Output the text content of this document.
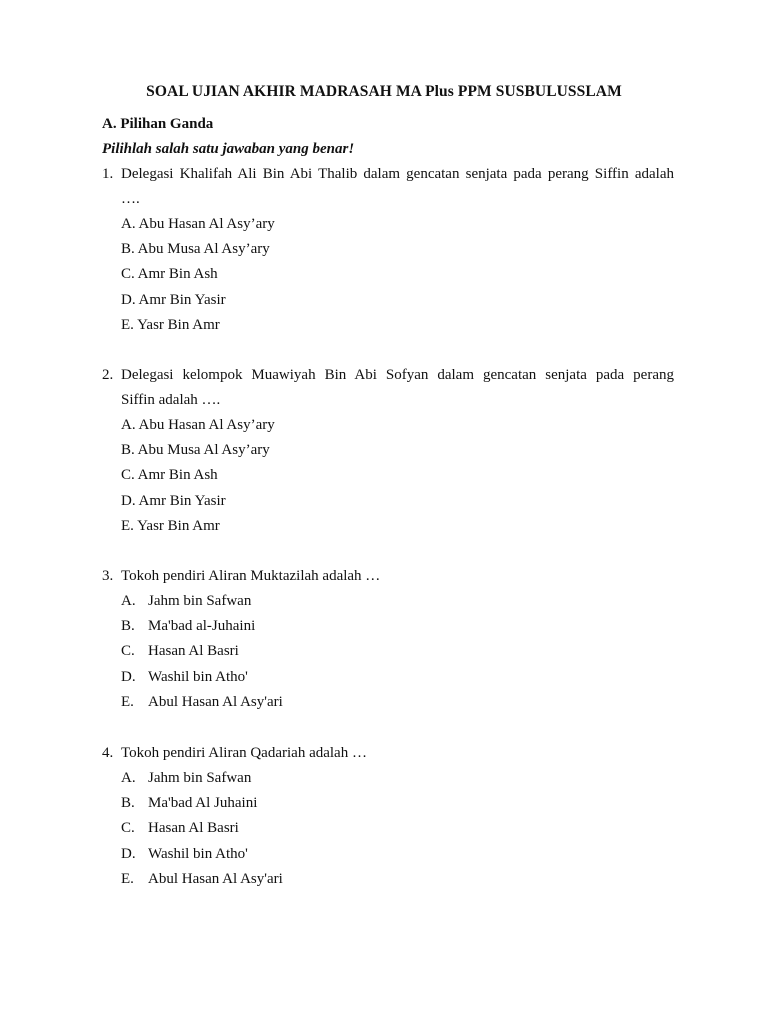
SOAL UJIAN AKHIR MADRASAH MA Plus PPM SUSBULUSSLAM
A. Pilihan Ganda
Pilihlah salah satu jawaban yang benar!
1. Delegasi Khalifah Ali Bin Abi Thalib dalam gencatan senjata pada perang Siffin adalah
….
A. Abu Hasan Al Asy’ary
B. Abu Musa Al Asy’ary
C. Amr Bin Ash
D. Amr Bin Yasir
E. Yasr Bin Amr
2. Delegasi kelompok Muawiyah Bin Abi Sofyan dalam gencatan senjata pada perang
Siffin adalah ….
A. Abu Hasan Al Asy’ary
B. Abu Musa Al Asy’ary
C. Amr Bin Ash
D. Amr Bin Yasir
E. Yasr Bin Amr
3. Tokoh pendiri Aliran Muktazilah adalah …
A. Jahm bin Safwan
B. Ma'bad al-Juhaini
C. Hasan Al Basri
D. Washil bin Atho'
E. Abul Hasan Al Asy'ari
4. Tokoh pendiri Aliran Qadariah adalah …
A. Jahm bin Safwan
B. Ma'bad Al Juhaini
C. Hasan Al Basri
D. Washil bin Atho'
E. Abul Hasan Al Asy'ari
